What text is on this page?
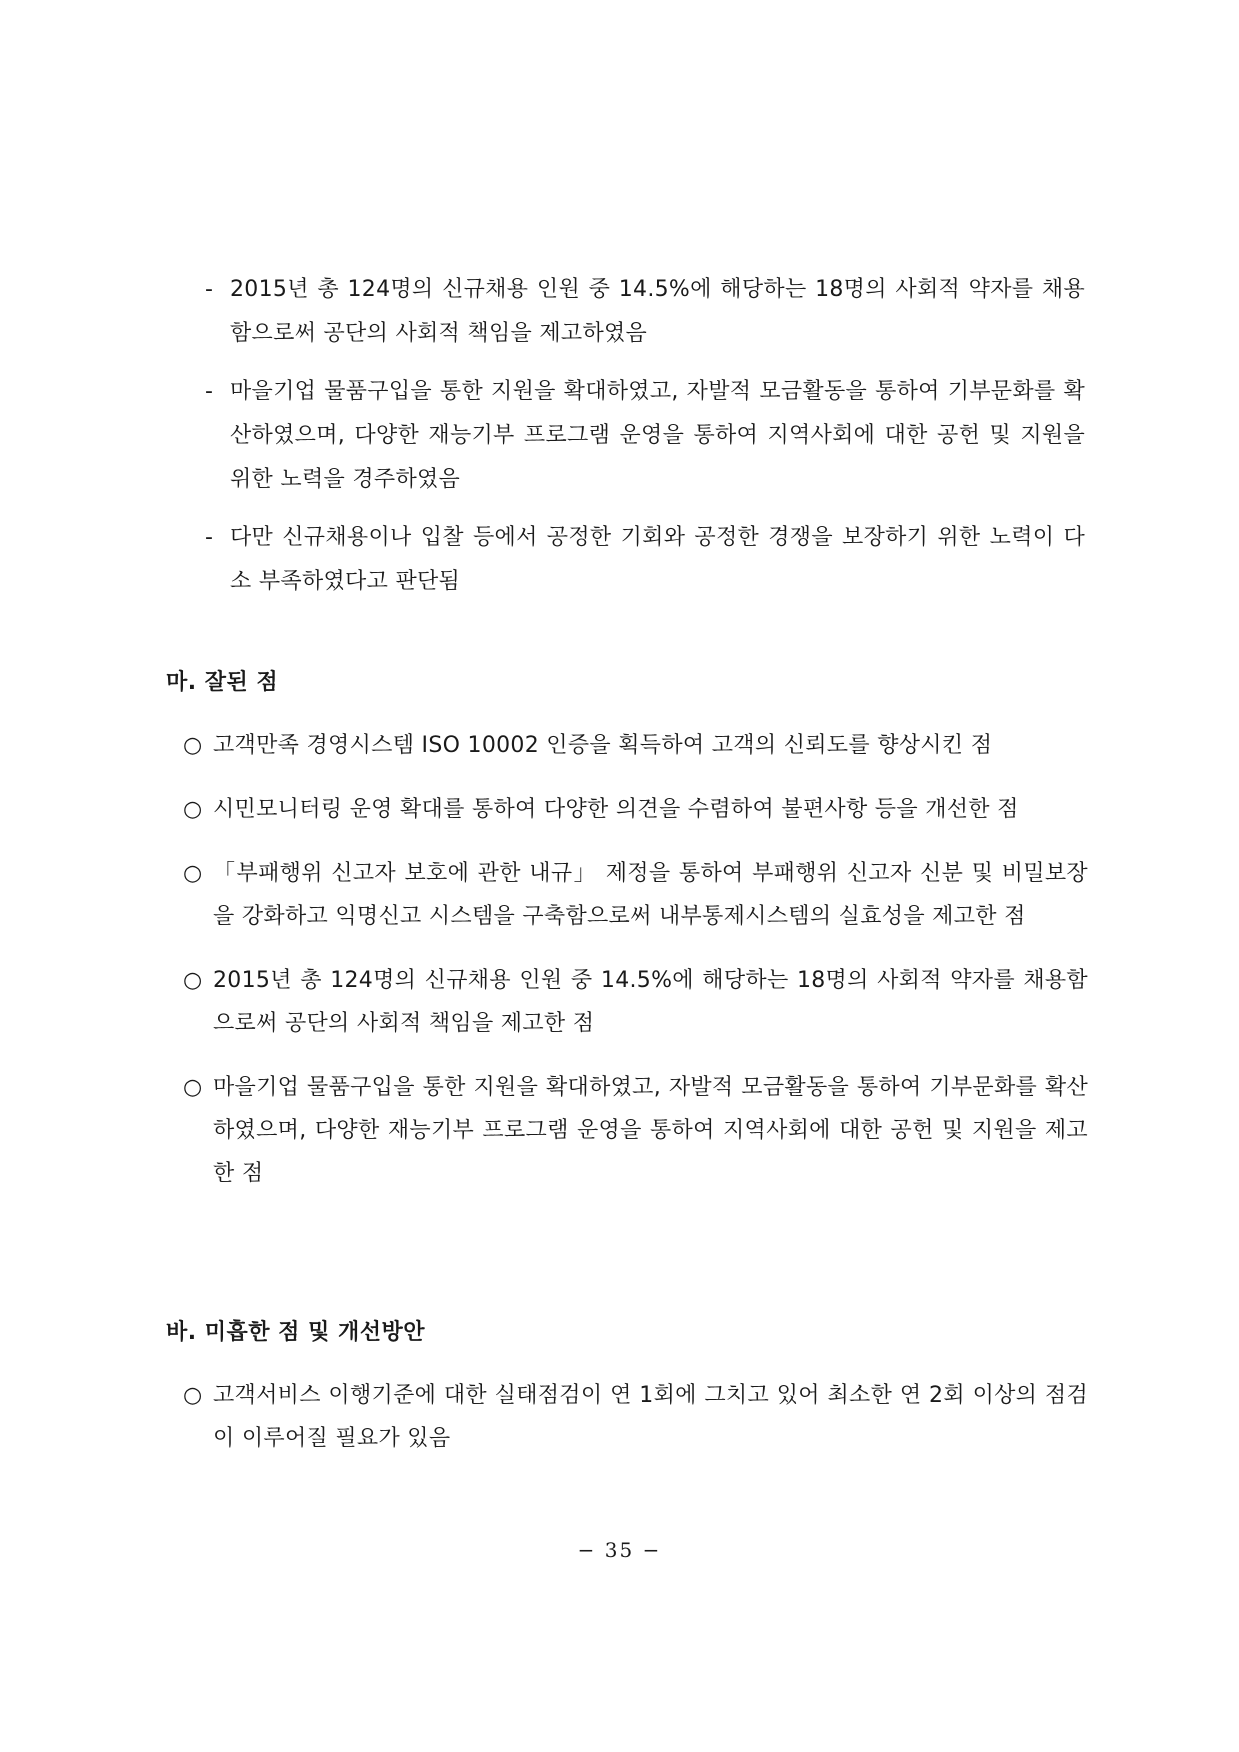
- 2015년 총 124명의 신규채용 인원 중 14.5%에 해당하는 18명의 사회적 약자를 채용함으로써 공단의 사회적 책임을 제고하였음
- 마을기업 물품구입을 통한 지원을 확대하였고, 자발적 모금활동을 통하여 기부문화를 확산하였으며, 다양한 재능기부 프로그램 운영을 통하여 지역사회에 대한 공헌 및 지원을 위한 노력을 경주하였음
- 다만 신규채용이나 입찰 등에서 공정한 기회와 공정한 경쟁을 보장하기 위한 노력이 다소 부족하였다고 판단됨
마. 잘된 점
○ 고객만족 경영시스템 ISO 10002 인증을 획득하여 고객의 신뢰도를 향상시킨 점
○ 시민모니터링 운영 확대를 통하여 다양한 의견을 수렴하여 불편사항 등을 개선한 점
○ 「부패행위 신고자 보호에 관한 내규」 제정을 통하여 부패행위 신고자 신분 및 비밀보장을 강화하고 익명신고 시스템을 구축함으로써 내부통제시스템의 실효성을 제고한 점
○ 2015년 총 124명의 신규채용 인원 중 14.5%에 해당하는 18명의 사회적 약자를 채용함으로써 공단의 사회적 책임을 제고한 점
○ 마을기업 물품구입을 통한 지원을 확대하였고, 자발적 모금활동을 통하여 기부문화를 확산하였으며, 다양한 재능기부 프로그램 운영을 통하여 지역사회에 대한 공헌 및 지원을 제고한 점
바. 미흡한 점 및 개선방안
○ 고객서비스 이행기준에 대한 실태점검이 연 1회에 그치고 있어 최소한 연 2회 이상의 점검이 이루어질 필요가 있음
− 35 −
